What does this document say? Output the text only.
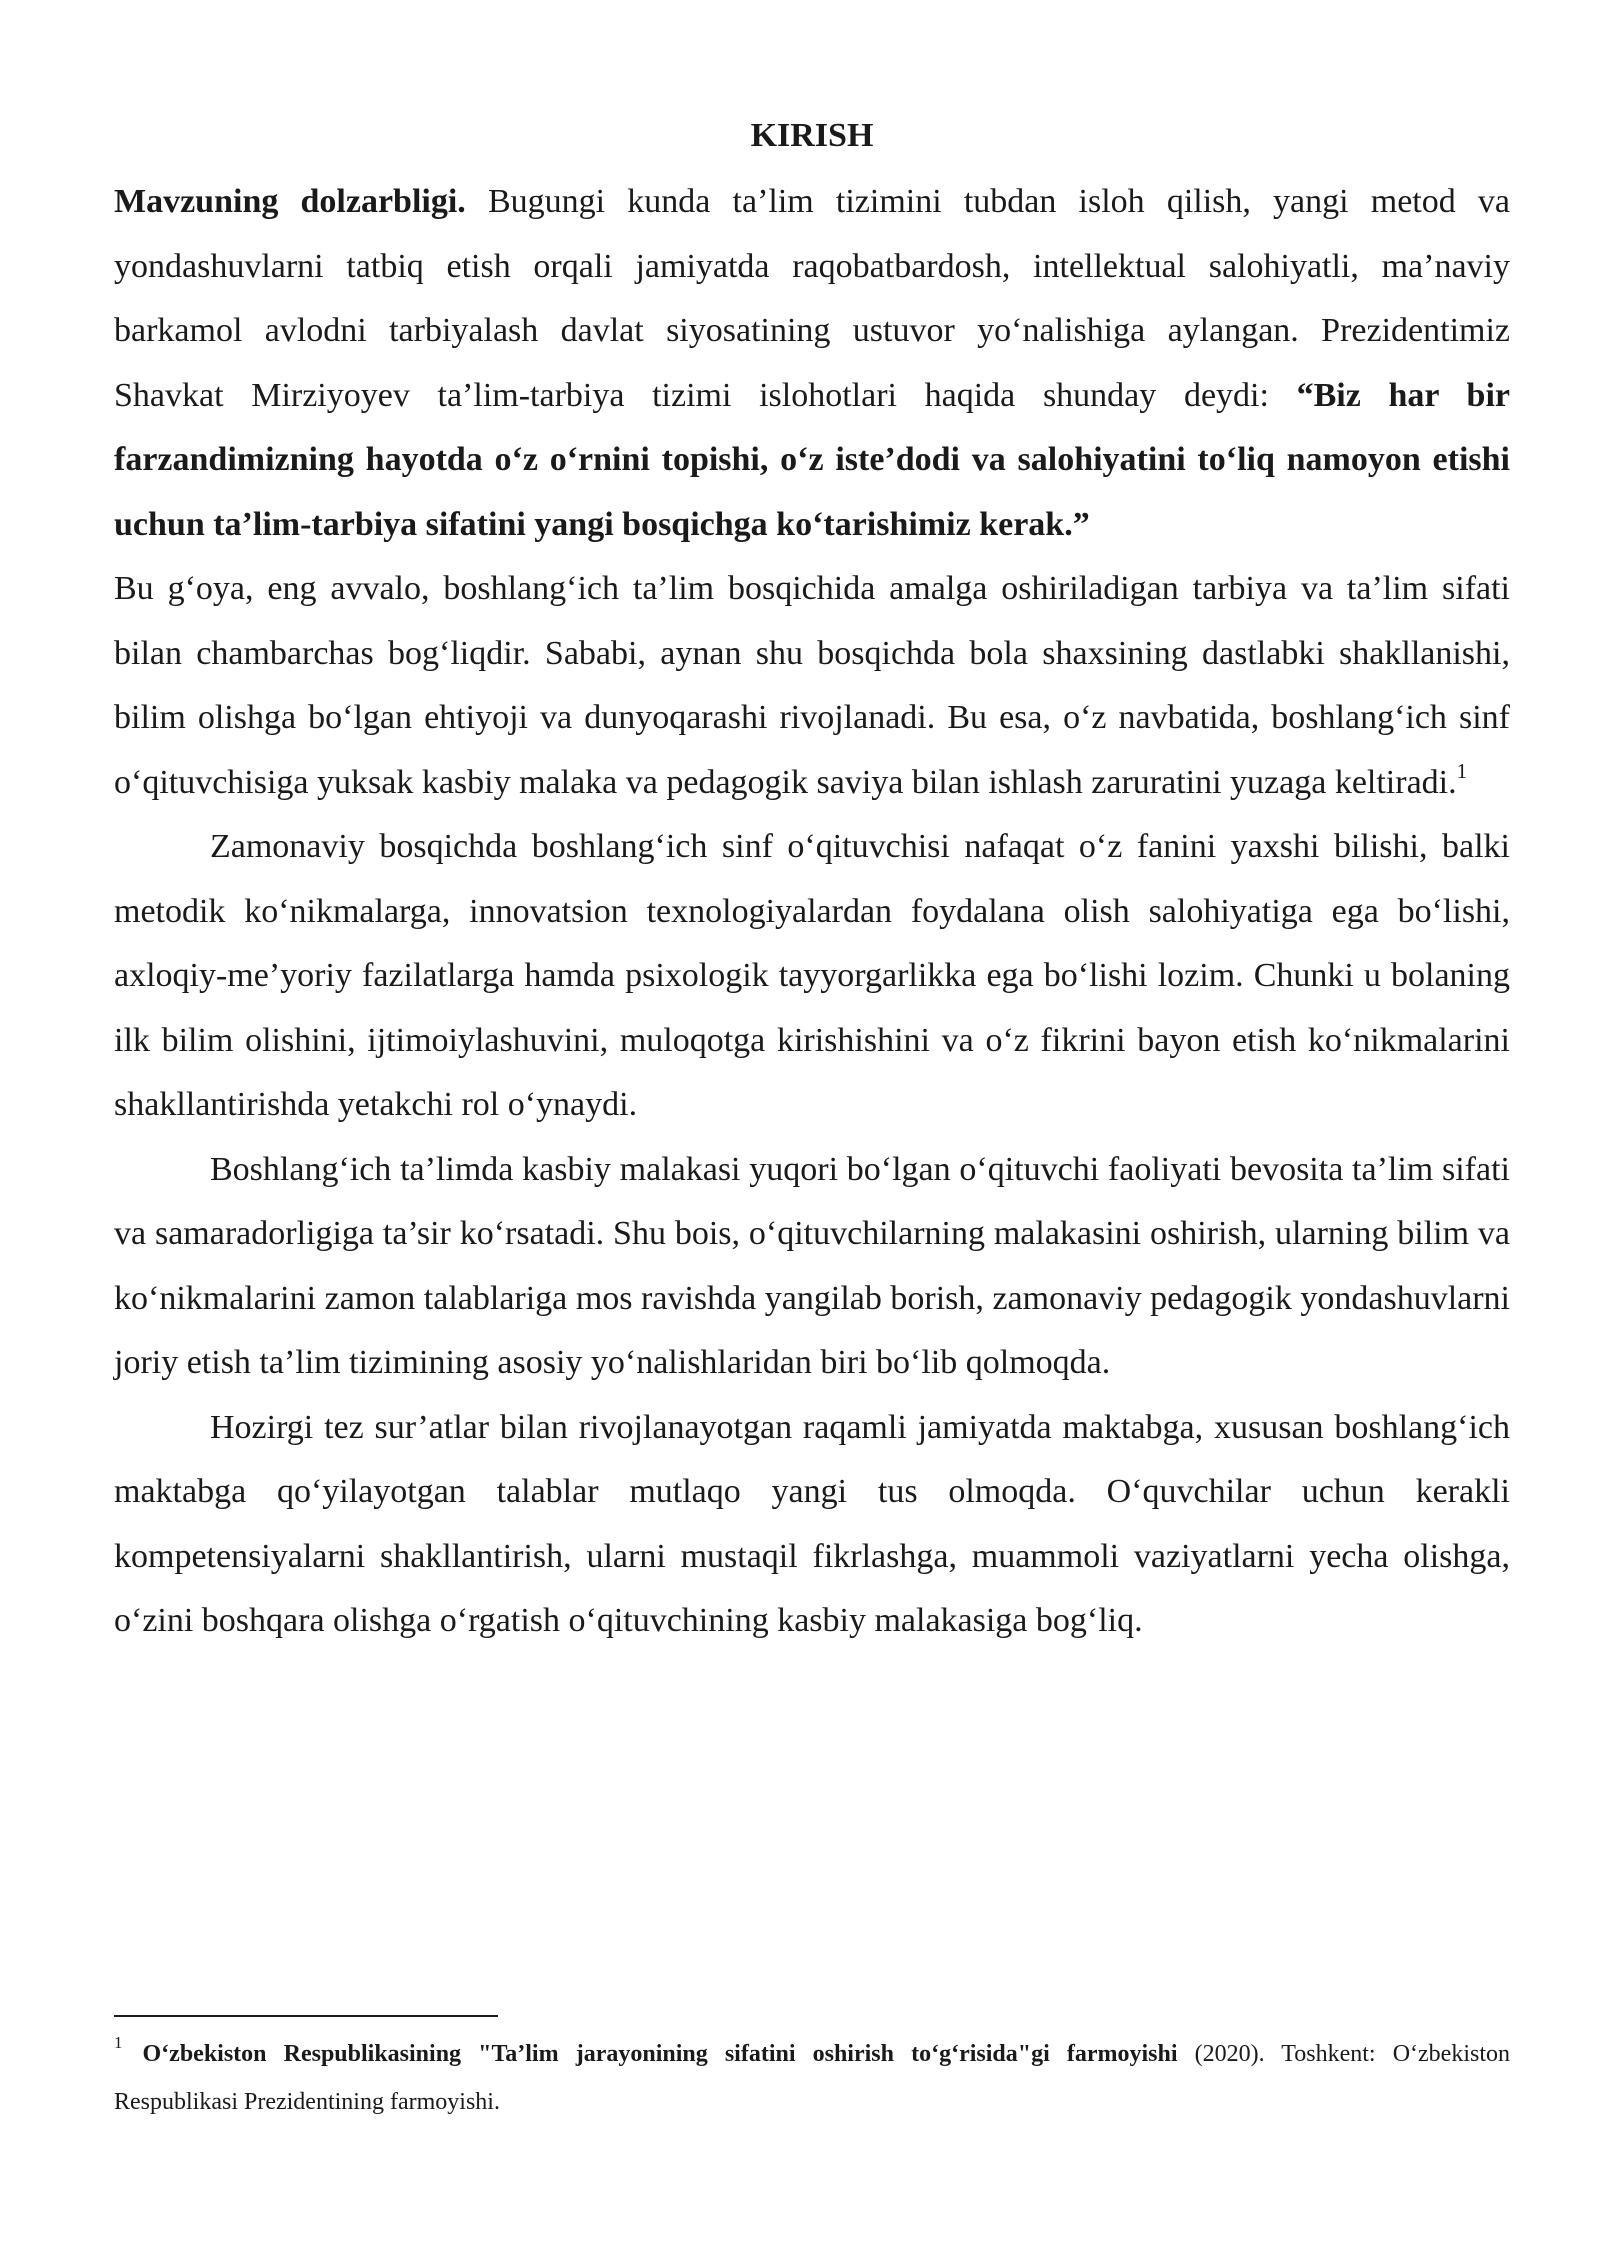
KIRISH

Mavzuning dolzarbligi. Bugungi kunda ta’lim tizimini tubdan isloh qilish, yangi metod va yondashuvlarni tatbiq etish orqali jamiyatda raqobatbardosh, intellektual salohiyatli, ma’naviy barkamol avlodni tarbiyalash davlat siyosatining ustuvor yo‘nalishiga aylangan. Prezidentimiz Shavkat Mirziyoyev ta’lim-tarbiya tizimi islohotlari haqida shunday deydi: “Biz har bir farzandimizning hayotda o‘z o‘rnini topishi, o‘z iste’dodi va salohiyatini to‘liq namoyon etishi uchun ta’lim-tarbiya sifatini yangi bosqichga ko‘tarishimiz kerak.”

Bu g‘oya, eng avvalo, boshlang‘ich ta’lim bosqichida amalga oshiriladigan tarbiya va ta’lim sifati bilan chambarchas bog‘liqdir. Sababi, aynan shu bosqichda bola shaxsining dastlabki shakllanishi, bilim olishga bo‘lgan ehtiyoji va dunyoqarashi rivojlanadi. Bu esa, o‘z navbatida, boshlang‘ich sinf o‘qituvchisiga yuksak kasbiy malaka va pedagogik saviya bilan ishlash zaruratini yuzaga keltiradi.$^1$

Zamonaviy bosqichda boshlang‘ich sinf o‘qituvchisi nafaqat o‘z fanini yaxshi bilishi, balki metodik ko‘nikmalarga, innovatsion texnologiyalardan foydalana olish salohiyatiga ega bo‘lishi, axloqiy-me’yoriy fazilatlarga hamda psixologik tayyorgarlikka ega bo‘lishi lozim. Chunki u bolaning ilk bilim olishini, ijtimoiylashuvini, muloqotga kirishishini va o‘z fikrini bayon etish ko‘nikmalarini shakllantirishda yetakchi rol o‘ynaydi.

Boshlang‘ich ta’limda kasbiy malakasi yuqori bo‘lgan o‘qituvchi faoliyati bevosita ta’lim sifati va samaradorligiga ta’sir ko‘rsatadi. Shu bois, o‘qituvchilarning malakasini oshirish, ularning bilim va ko‘nikmalarini zamon talablariga mos ravishda yangilab borish, zamonaviy pedagogik yondashuvlarni joriy etish ta’lim tizimining asosiy yo‘nalishlaridan biri bo‘lib qolmoqda.

Hozirgi tez sur’atlar bilan rivojlanayotgan raqamli jamiyatda maktabga, xususan boshlang‘ich maktabga qo‘yilayotgan talablar mutlaqo yangi tus olmoqda. O‘quvchilar uchun kerakli kompetensiyalarni shakllantirish, ularni mustaqil fikrlashga, muammoli vaziyatlarni yecha olishga, o‘zini boshqara olishga o‘rgatish o‘qituvchining kasbiy malakasiga bog‘liq.

$^1$ O‘zbekiston Respublikasining "Ta’lim jarayonining sifatini oshirish to‘g‘risida"gi farmoyishi (2020). Toshkent: O‘zbekiston Respublikasi Prezidentining farmoyishi.
